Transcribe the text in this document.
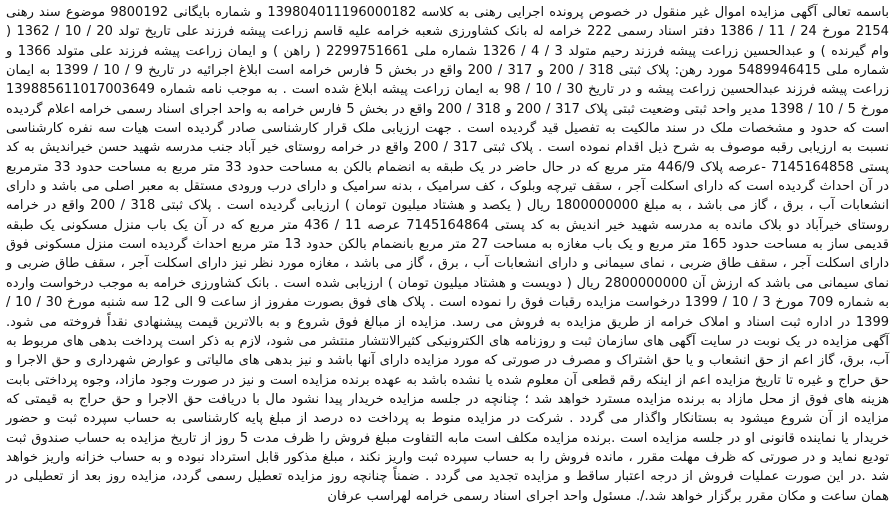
باسمه تعالی آگهی مزایده اموال غیر منقول در خصوص پرونده اجرایی رهنی به کلاسه 139804011196000182 و شماره بایگانی 9800192 موضوع سند رهنی 2154 مورخ 24 / 11 / 1386 دفتر اسناد رسمی 222 خرامه له بانک کشاورزی شعبه خرامه علیه قاسم زراعت پیشه فرزند علی تاریخ تولد 20 / 10 / 1362 ( وام گیرنده ) و عبدالحسین زراعت پیشه فرزند رحیم متولد 3 / 4 / 1326 شماره ملی 2299751661 ( راهن ) و ایمان زراعت پیشه فرزند علی متولد 1366 و شماره ملی 5489946415 مورد رهن: پلاک ثبتی 318 / 200 و 317 / 200 واقع در بخش 5 فارس خرامه است ابلاغ اجرائیه در تاریخ 9 / 10 / 1399 به ایمان زراعت پیشه فرزند عبدالحسین زراعت پیشه و در تاریخ 30 / 10 / 98 به ایمان زراعت پیشه ابلاغ شده است . به موجب نامه شماره 139885611017003649 مورخ 5 / 10 / 1398 مدیر واحد ثبتی وضعیت ثبتی پلاک 317 / 200 و 318 / 200 واقع در بخش 5 فارس خرامه به واحد اجرای اسناد رسمی خرامه اعلام گردیده است که حدود و مشخصات ملک در سند مالکیت به تفصیل قید گردیده است . جهت ارزیابی ملک قرار کارشناسی صادر گردیده است هیات سه نفره کارشناسی نسبت به ارزیابی رقبه موصوف به شرح ذیل اقدام نموده است . پلاک ثبتی 317 / 200 واقع در خرامه روستای خیر آباد جنب مدرسه شهید حسن خیراندیش به کد پستی 7145164858 -عرصه پلاک 446/9 متر مربع که در حال حاضر در یک طبقه به انضمام بالکن به مساحت حدود 33 متر مربع به مساحت حدود 33 مترمربع در آن احداث گردیده است که دارای اسکلت آجر ، سقف تیرچه وبلوک ، کف سرامیک ، بدنه سرامیک و دارای درب ورودی مستقل به معبر اصلی می باشد و دارای انشعابات آب ، برق ، گاز می باشد ، به مبلغ 1800000000 ریال ( یکصد و هشتاد میلیون تومان ) ارزیابی گردیده است . پلاک ثبتی 318 / 200 واقع در خرامه روستای خیرآباد دو بلاک مانده به مدرسه شهید خیر اندیش به کد پستی 7145164864 عرصه 11 / 436 متر مربع که در آن یک باب منزل مسکونی یک طبقه قدیمی ساز به مساحت حدود 165 متر مربع و یک باب مغازه به مساحت 27 متر مربع بانضمام بالکن حدود 13 متر مربع احداث گردیده است منزل مسکونی فوق دارای اسکلت آجر ، سقف طاق ضربی ، نمای سیمانی و دارای انشعابات آب ، برق ، گاز می باشد ، مغازه مورد نظر نیز دارای اسکلت آجر ، سقف طاق ضربی و نمای سیمانی می باشد که ارزش آن 2800000000 ریال ( دویست و هشتاد میلیون تومان ) ارزیابی شده است . بانک کشاورزی خرامه به موجب درخواست وارده به شماره 709 مورخ 3 / 10 / 1399 درخواست مزایده رقبات فوق را نموده است . پلاک های فوق بصورت مفروز از ساعت 9 الی 12 سه شنبه مورخ 30 / 10 / 1399 در اداره ثبت اسناد و املاک خرامه از طریق مزایده به فروش می رسد. مزایده از مبالغ فوق شروع و به بالاترین قیمت پیشنهادی نقداً فروخته می شود. آگهی مزایده در یک نوبت در سایت آگهی های سازمان ثبت و روزنامه های الکترونیکی کثیرالانتشار منتشر می شود، لازم به ذکر است پرداخت بدهی های مربوط به آب، برق، گاز اعم از حق انشعاب و یا حق اشتراک و مصرف در صورتی که مورد مزایده دارای آنها باشد و نیز بدهی های مالیاتی و عوارض شهرداری و حق الاجرا و حق حراج و غیره تا تاریخ مزایده اعم از اینکه رقم قطعی آن معلوم شده یا نشده باشد به عهده برنده مزایده است و نیز در صورت وجود مازاد، وجوه پرداختی بابت هزینه های فوق از محل مازاد به برنده مزایده مسترد خواهد شد ؛ چنانچه در جلسه مزایده خریدار پیدا نشود مال با دریافت حق الاجرا و حق حراج به قیمتی که مزایده از آن شروع میشود به بستانکار واگذار می گردد . شرکت در مزایده منوط به پرداخت ده درصد از مبلغ پایه کارشناسی به حساب سپرده ثبت و حضور خریدار یا نماینده قانونی او در جلسه مزایده است .برنده مزایده مکلف است مابه التفاوت مبلغ فروش را ظرف مدت 5 روز از تاریخ مزایده به حساب صندوق ثبت تودیع نماید و در صورتی که ظرف مهلت مقرر ، مانده فروش را به حساب سپرده ثبت واریز نکند ، مبلغ مذکور قابل استرداد نبوده و به حساب خزانه واریز خواهد شد .در این صورت عملیات فروش از درجه اعتبار ساقط و مزایده تجدید می گردد . ضمناً چنانچه روز مزایده تعطیل رسمی گردد، مزایده روز بعد از تعطیلی در همان ساعت و مکان مقرر برگزار خواهد شد./. مسئول واحد اجرای اسناد رسمی خرامه لهراسب عرفان
